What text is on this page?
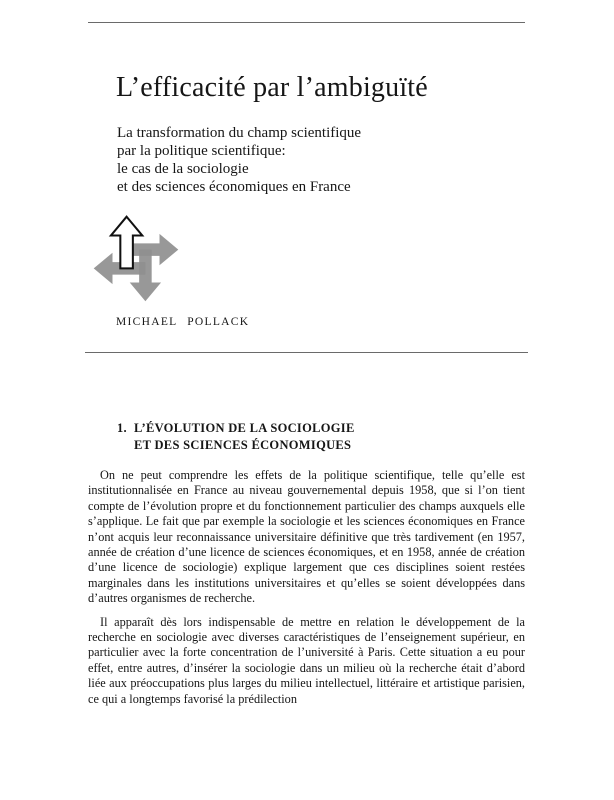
L’efficacité par l’ambiguïté
La transformation du champ scientifique
par la politique scientifique:
le cas de la sociologie
et des sciences économiques en France
MICHAEL POLLACK
1. L’ÉVOLUTION DE LA SOCIOLOGIE
ET DES SCIENCES ÉCONOMIQUES

On ne peut comprendre les effets de la politique scientifique, telle qu’elle est institutionnalisée en France au niveau gouvernemental depuis 1958, que si l’on tient compte de l’évolution propre et du fonctionnement particulier des champs auxquels elle s’applique. Le fait que par exemple la sociologie et les sciences économiques en France n’ont acquis leur reconnaissance universitaire définitive que très tardivement (en 1957, année de création d’une licence de sciences économiques, et en 1958, année de création d’une licence de sociologie) explique largement que ces disciplines soient restées marginales dans les institutions universitaires et qu’elles se soient développées dans d’autres organismes de recherche.

Il apparaît dès lors indispensable de mettre en relation le développement de la recherche en sociologie avec diverses caractéristiques de l’enseignement supérieur, en particulier avec la forte concentration de l’université à Paris. Cette situation a eu pour effet, entre autres, d’insérer la sociologie dans un milieu où la recherche était d’abord liée aux préoccupations plus larges du milieu intellectuel, littéraire et artistique parisien, ce qui a longtemps favorisé la prédilection
